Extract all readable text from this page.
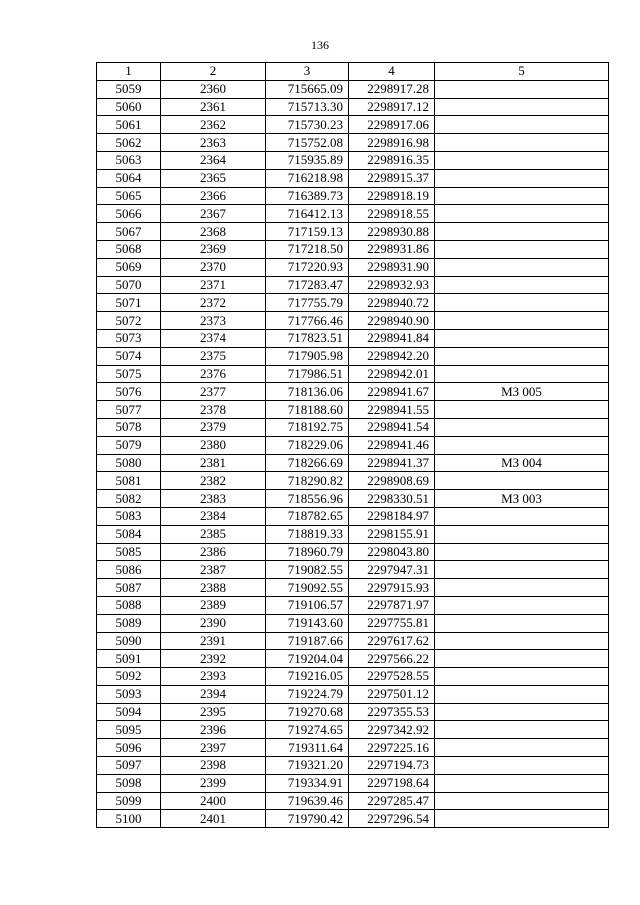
136
1	2	3	4	5
5059	2360	715665.09	2298917.28	
5060	2361	715713.30	2298917.12	
5061	2362	715730.23	2298917.06	
5062	2363	715752.08	2298916.98	
5063	2364	715935.89	2298916.35	
5064	2365	716218.98	2298915.37	
5065	2366	716389.73	2298918.19	
5066	2367	716412.13	2298918.55	
5067	2368	717159.13	2298930.88	
5068	2369	717218.50	2298931.86	
5069	2370	717220.93	2298931.90	
5070	2371	717283.47	2298932.93	
5071	2372	717755.79	2298940.72	
5072	2373	717766.46	2298940.90	
5073	2374	717823.51	2298941.84	
5074	2375	717905.98	2298942.20	
5075	2376	717986.51	2298942.01	
5076	2377	718136.06	2298941.67	МЗ 005
5077	2378	718188.60	2298941.55	
5078	2379	718192.75	2298941.54	
5079	2380	718229.06	2298941.46	
5080	2381	718266.69	2298941.37	МЗ 004
5081	2382	718290.82	2298908.69	
5082	2383	718556.96	2298330.51	МЗ 003
5083	2384	718782.65	2298184.97	
5084	2385	718819.33	2298155.91	
5085	2386	718960.79	2298043.80	
5086	2387	719082.55	2297947.31	
5087	2388	719092.55	2297915.93	
5088	2389	719106.57	2297871.97	
5089	2390	719143.60	2297755.81	
5090	2391	719187.66	2297617.62	
5091	2392	719204.04	2297566.22	
5092	2393	719216.05	2297528.55	
5093	2394	719224.79	2297501.12	
5094	2395	719270.68	2297355.53	
5095	2396	719274.65	2297342.92	
5096	2397	719311.64	2297225.16	
5097	2398	719321.20	2297194.73	
5098	2399	719334.91	2297198.64	
5099	2400	719639.46	2297285.47	
5100	2401	719790.42	2297296.54	
